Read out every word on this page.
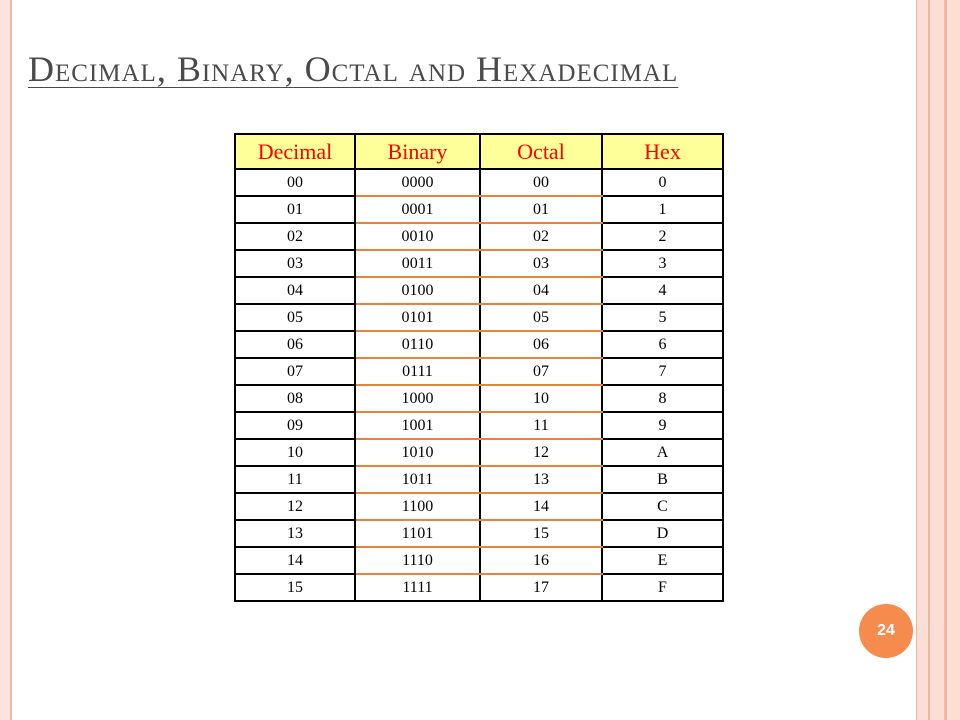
Decimal, Binary, Octal and Hexadecimal
Decimal	Binary	Octal	Hex
00	0000	00	0
01	0001	01	1
02	0010	02	2
03	0011	03	3
04	0100	04	4
05	0101	05	5
06	0110	06	6
07	0111	07	7
08	1000	10	8
09	1001	11	9
10	1010	12	A
11	1011	13	B
12	1100	14	C
13	1101	15	D
14	1110	16	E
15	1111	17	F
24
